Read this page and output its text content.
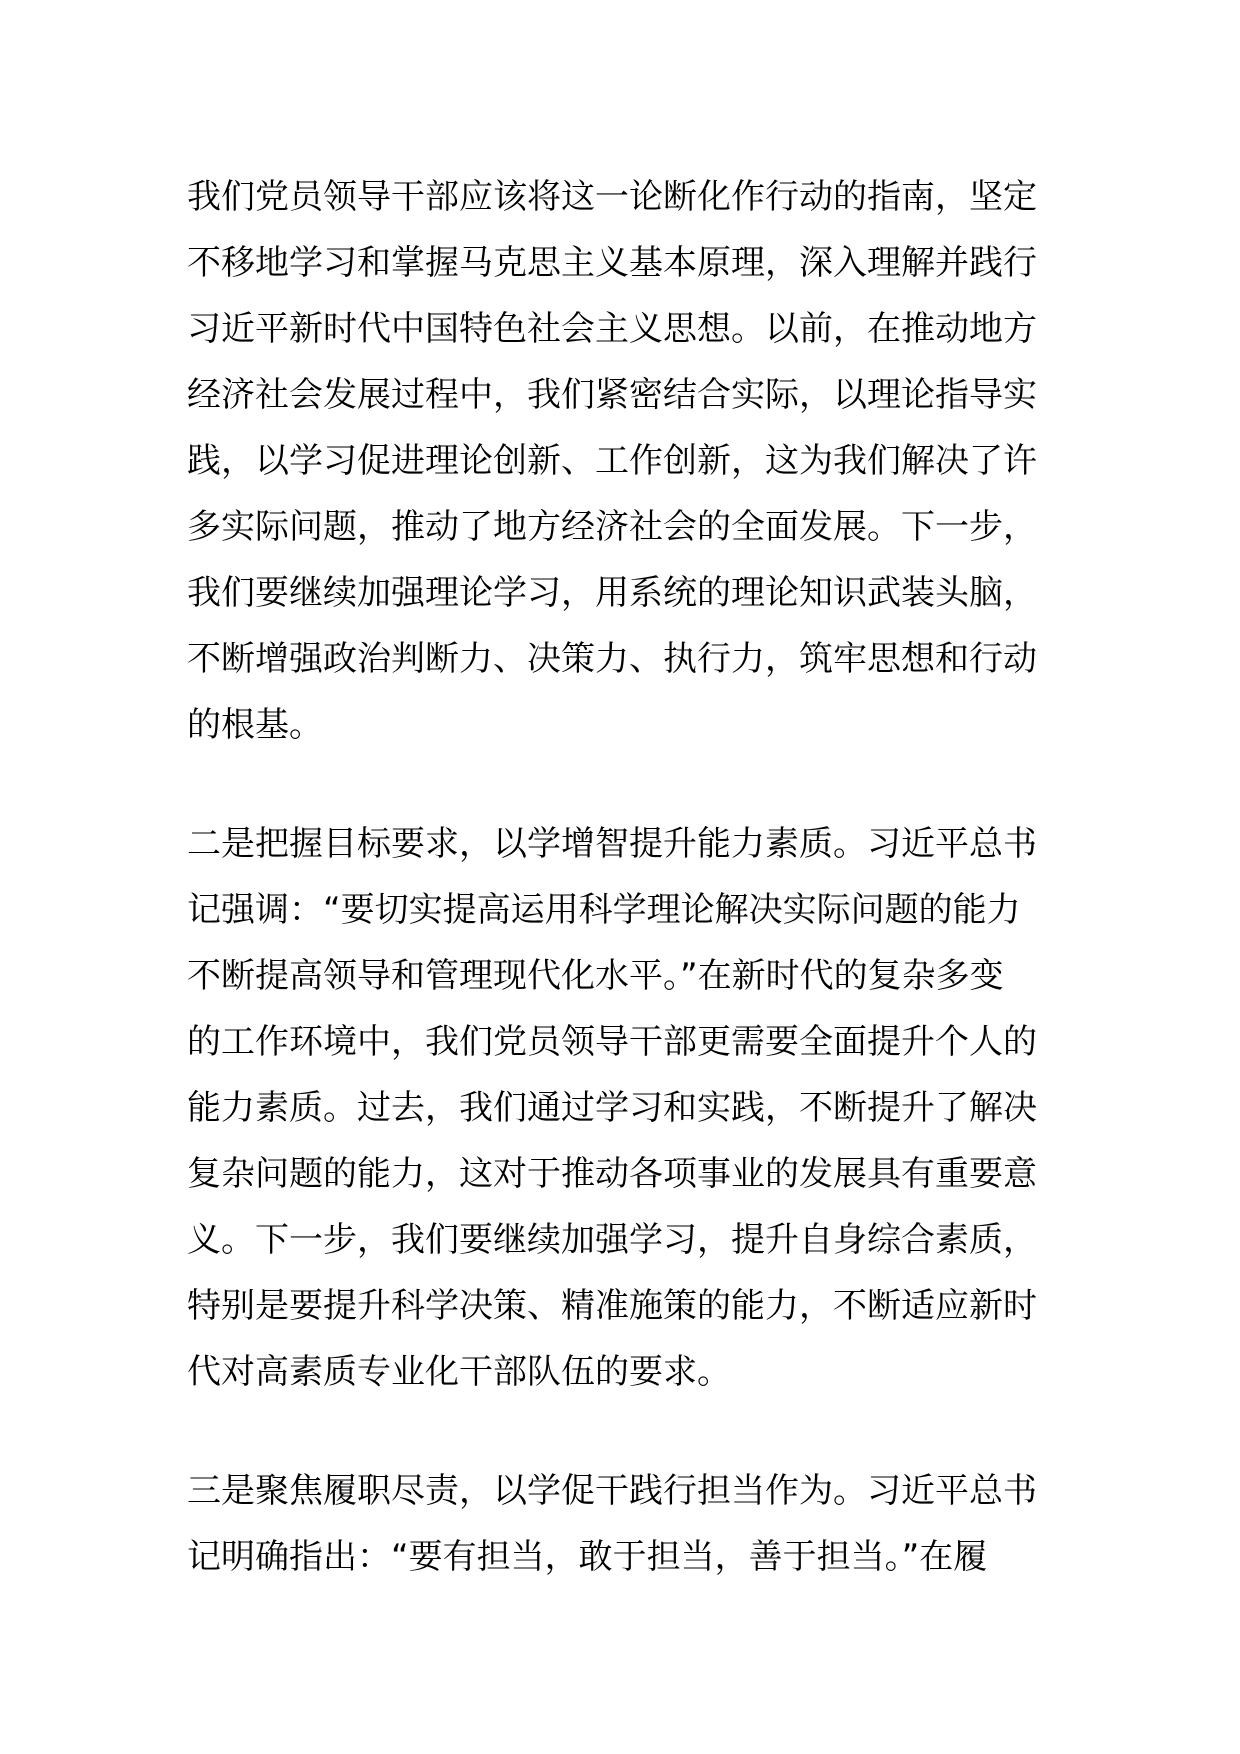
我们党员领导干部应该将这一论断化作行动的指南，坚定
不移地学习和掌握马克思主义基本原理，深入理解并践行
习近平新时代中国特色社会主义思想。以前，在推动地方
经济社会发展过程中，我们紧密结合实际，以理论指导实
践，以学习促进理论创新、工作创新，这为我们解决了许
多实际问题，推动了地方经济社会的全面发展。下一步，
我们要继续加强理论学习，用系统的理论知识武装头脑，
不断增强政治判断力、决策力、执行力，筑牢思想和行动
的根基。
二是把握目标要求，以学增智提升能力素质。习近平总书
记强调：“要切实提高运用科学理论解决实际问题的能力
不断提高领导和管理现代化水平。”在新时代的复杂多变
的工作环境中，我们党员领导干部更需要全面提升个人的
能力素质。过去，我们通过学习和实践，不断提升了解决
复杂问题的能力，这对于推动各项事业的发展具有重要意
义。下一步，我们要继续加强学习，提升自身综合素质，
特别是要提升科学决策、精准施策的能力，不断适应新时
代对高素质专业化干部队伍的要求。
三是聚焦履职尽责，以学促干践行担当作为。习近平总书
记明确指出：“要有担当，敢于担当，善于担当。”在履
